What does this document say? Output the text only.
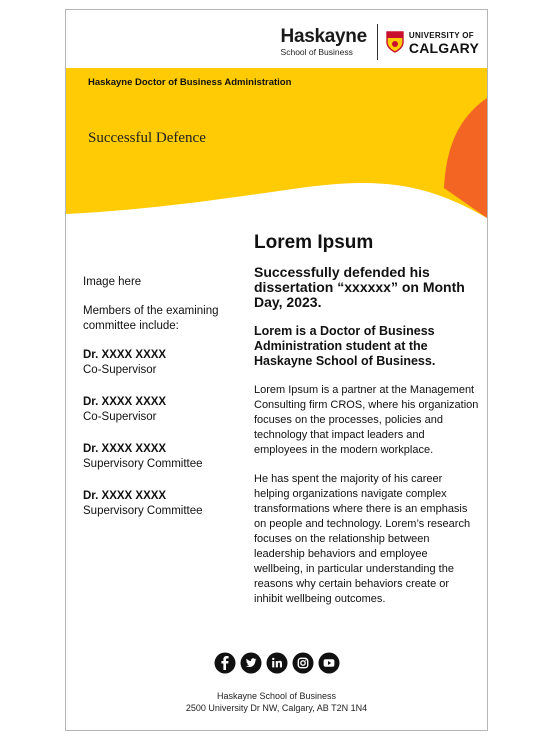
Haskayne
School of Business
UNIVERSITY OF
CALGARY
Haskayne Doctor of Business Administration
Successful Defence
Image here
Members of the examining committee include:
Dr. XXXX XXXX
Co-Supervisor
Dr. XXXX XXXX
Co-Supervisor
Dr. XXXX XXXX
Supervisory Committee
Dr. XXXX XXXX
Supervisory Committee
Lorem Ipsum
Successfully defended his dissertation “xxxxxx” on Month Day, 2023.
Lorem is a Doctor of Business Administration student at the Haskayne School of Business.

Lorem Ipsum is a partner at the Management Consulting firm CROS, where his organization focuses on the processes, policies and technology that impact leaders and employees in the modern workplace.

He has spent the majority of his career helping organizations navigate complex transformations where there is an emphasis on people and technology. Lorem’s research focuses on the relationship between leadership behaviors and employee wellbeing, in particular understanding the reasons why certain behaviors create or inhibit wellbeing outcomes.

Haskayne School of Business
2500 University Dr NW, Calgary, AB T2N 1N4
